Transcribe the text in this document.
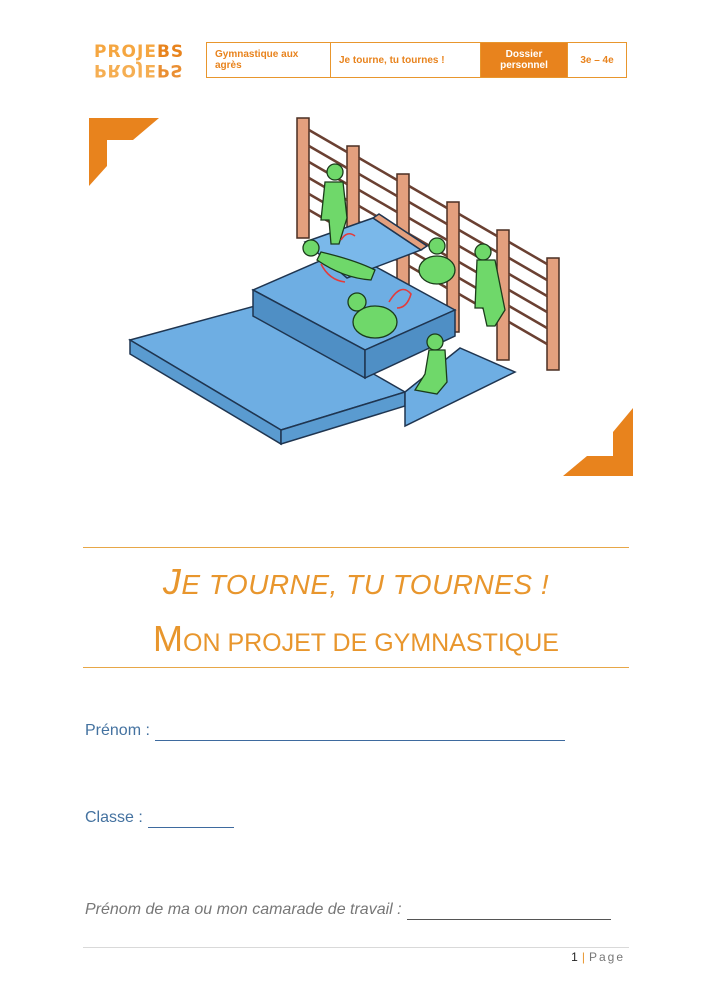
PROJEBS
PROJEPS
Gymnastique aux agrès	Je tourne, tu tournes !	Dossier personnel	3e – 4e
JE TOURNE, TU TOURNES !
MON PROJET DE GYMNASTIQUE
Prénom :
Classe :
Prénom de ma ou mon camarade de travail :
1 | Page
